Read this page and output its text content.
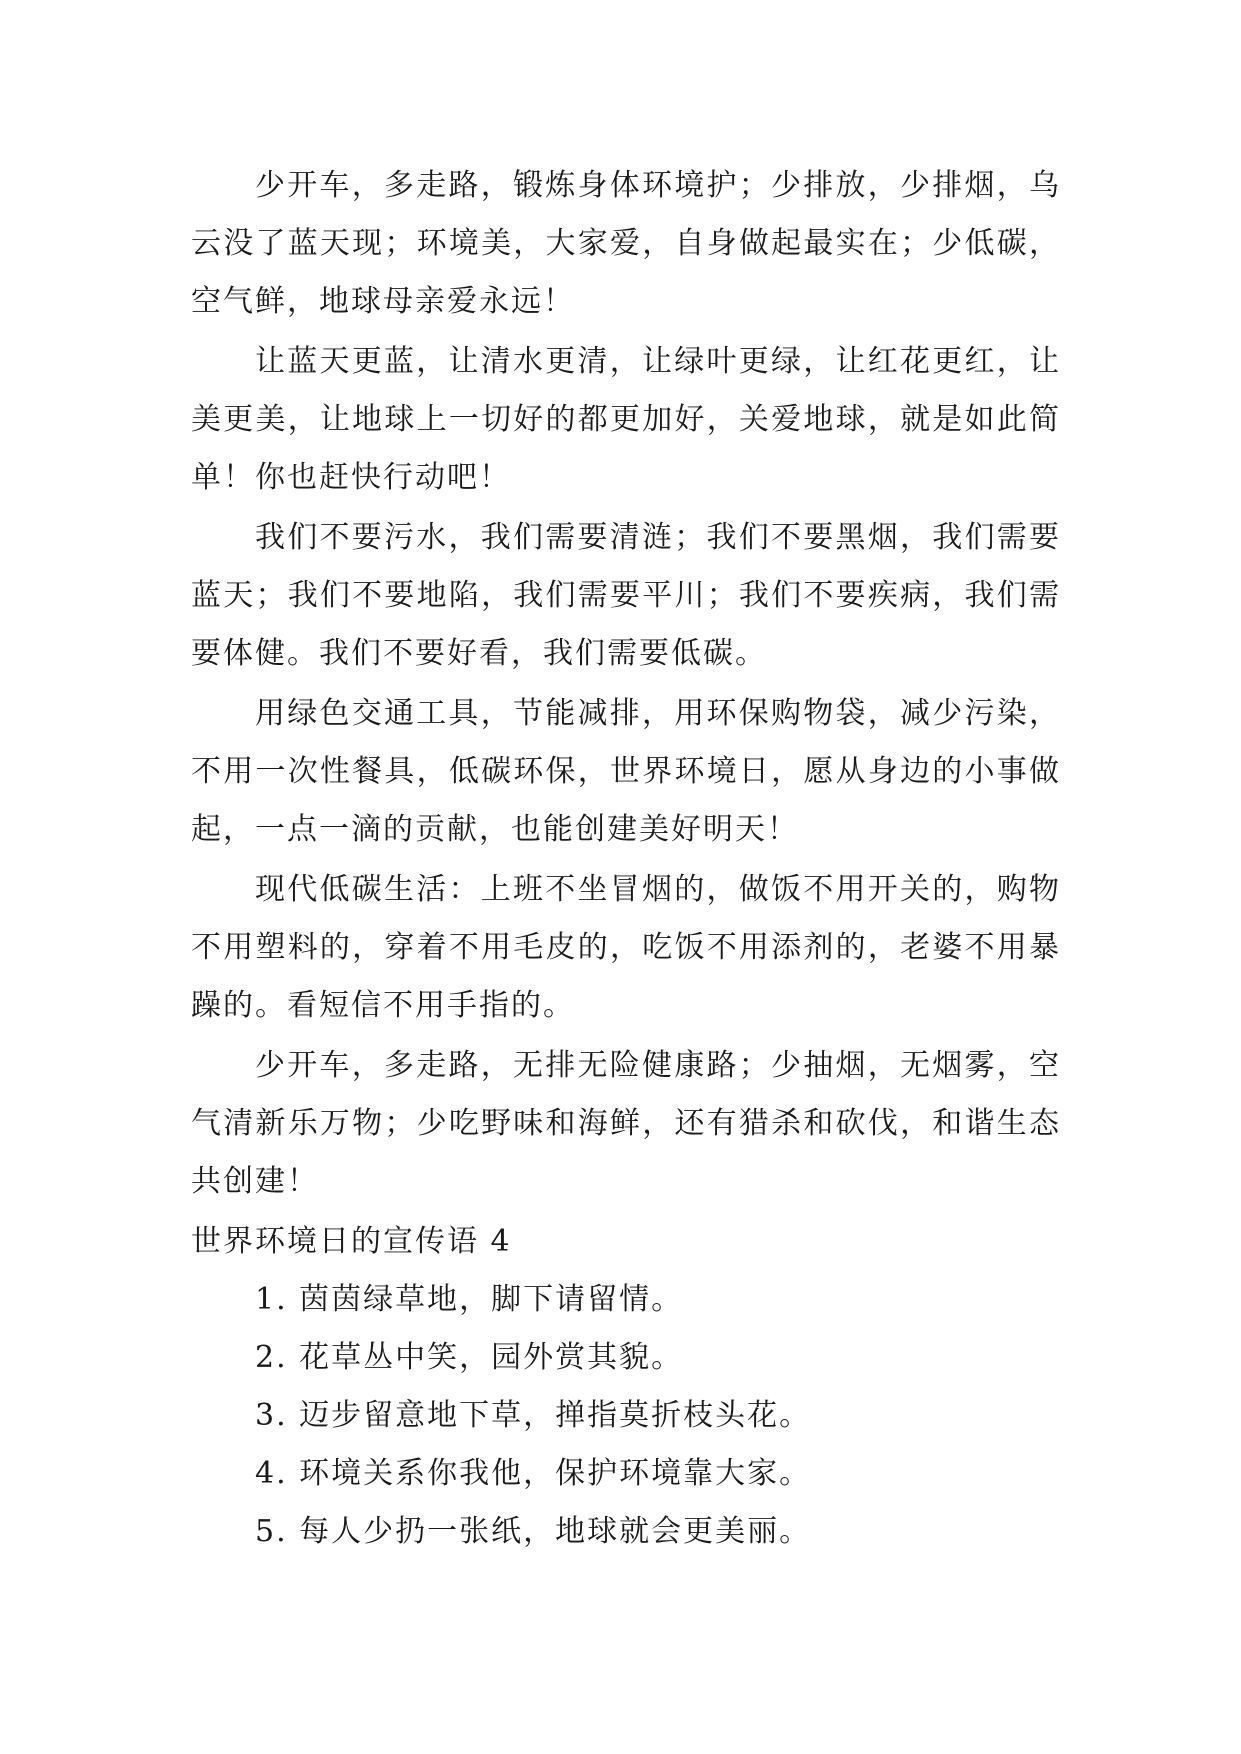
少开车，多走路，锻炼身体环境护；少排放，少排烟，乌云没了蓝天现；环境美，大家爱，自身做起最实在；少低碳，空气鲜，地球母亲爱永远！

让蓝天更蓝，让清水更清，让绿叶更绿，让红花更红，让美更美，让地球上一切好的都更加好，关爱地球，就是如此简单！你也赶快行动吧！

我们不要污水，我们需要清涟；我们不要黑烟，我们需要蓝天；我们不要地陷，我们需要平川；我们不要疾病，我们需要体健。我们不要好看，我们需要低碳。

用绿色交通工具，节能减排，用环保购物袋，减少污染，不用一次性餐具，低碳环保，世界环境日，愿从身边的小事做起，一点一滴的贡献，也能创建美好明天！

现代低碳生活：上班不坐冒烟的，做饭不用开关的，购物不用塑料的，穿着不用毛皮的，吃饭不用添剂的，老婆不用暴躁的。看短信不用手指的。

少开车，多走路，无排无险健康路；少抽烟，无烟雾，空气清新乐万物；少吃野味和海鲜，还有猎杀和砍伐，和谐生态共创建！

世界环境日的宣传语 4

1. 茵茵绿草地，脚下请留情。

2. 花草丛中笑，园外赏其貌。

3. 迈步留意地下草，掸指莫折枝头花。

4. 环境关系你我他，保护环境靠大家。

5. 每人少扔一张纸，地球就会更美丽。
